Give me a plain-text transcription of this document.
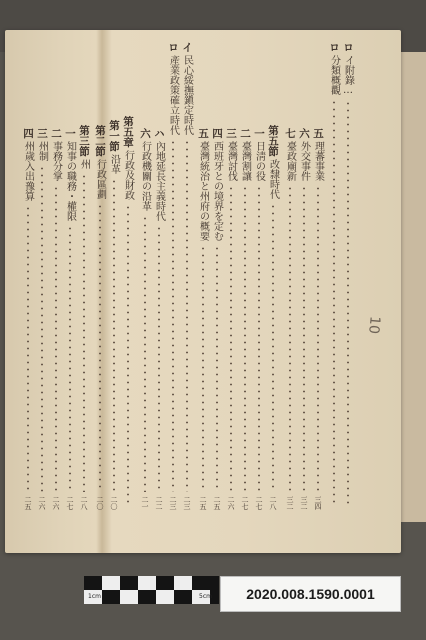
ロ
イ附錄…
ロ
分類概觀
五
理蕃事業
三四
六
外交事件
三二
七
臺政廟新
三二
第五節
改隸時代
二八
一
日淸の役
二七
二
臺灣割讓
二七
三
臺灣討伐
二六
四
西班牙との境界を定む
二五
五
臺灣統治と州府の概要
二五
イ
民心綏撫鎭定時代
二三
ロ
產業政策確立時代
二三
ハ
內地延長主義時代
二二
六
行政機關の沿革
二一
第五章
行政及財政
第一節
沿革
二〇
第二節
行政區劃
二〇
第三節
州
二八
一
知事の職務・權限
二七
二
事務分掌
二六
三
州制
二六
四
州歲入出豫算
二五
10
1cm	5cm	2020.008.1590.0001
